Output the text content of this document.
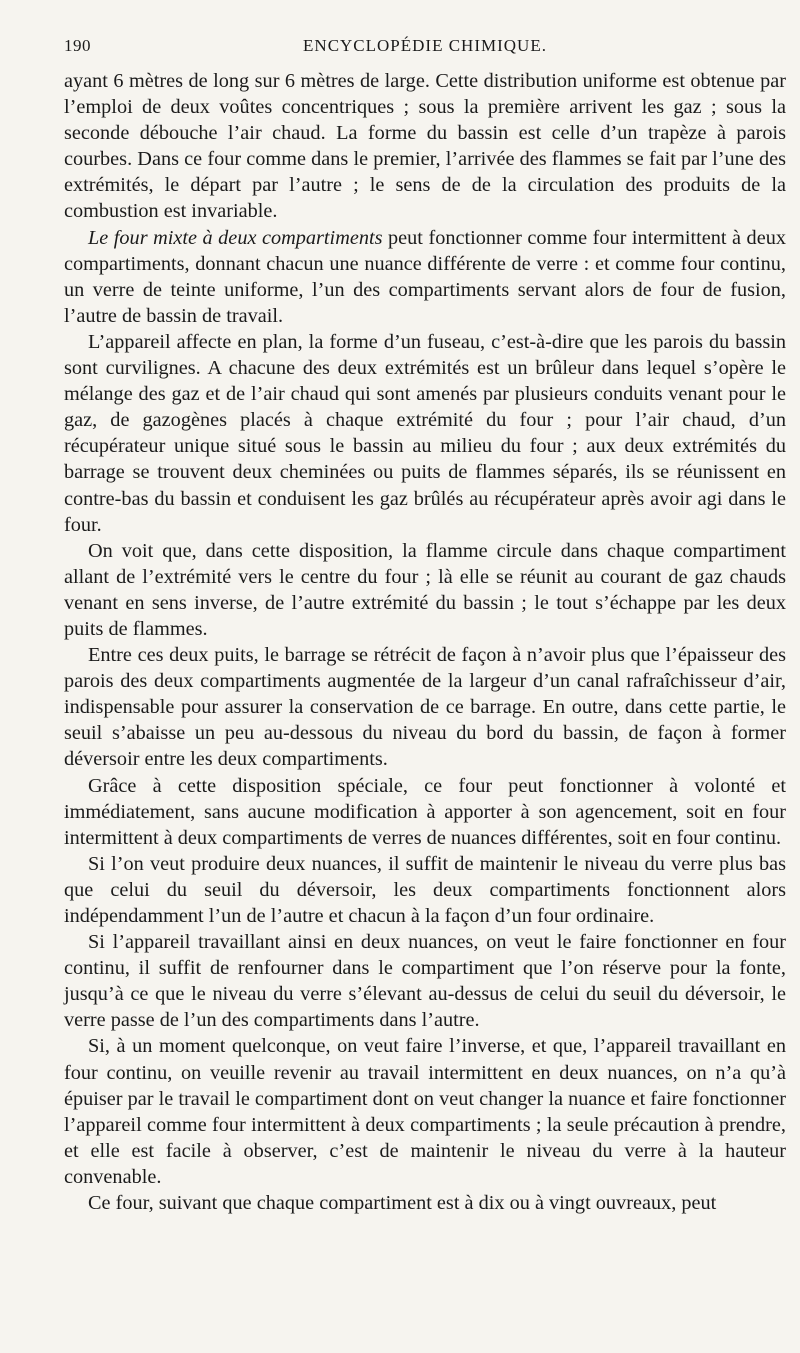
190	ENCYCLOPÉDIE CHIMIQUE.

ayant 6 mètres de long sur 6 mètres de large. Cette distribution uniforme est obtenue par l’emploi de deux voûtes concentriques ; sous la première arrivent les gaz ; sous la seconde débouche l’air chaud. La forme du bassin est celle d’un trapèze à parois courbes. Dans ce four comme dans le premier, l’arrivée des flammes se fait par l’une des extrémités, le départ par l’autre ; le sens de de la circulation des produits de la combustion est invariable.

Le four mixte à deux compartiments peut fonctionner comme four intermittent à deux compartiments, donnant chacun une nuance différente de verre : et comme four continu, un verre de teinte uniforme, l’un des compartiments servant alors de four de fusion, l’autre de bassin de travail.

L’appareil affecte en plan, la forme d’un fuseau, c’est-à-dire que les parois du bassin sont curvilignes. A chacune des deux extrémités est un brûleur dans lequel s’opère le mélange des gaz et de l’air chaud qui sont amenés par plusieurs conduits venant pour le gaz, de gazogènes placés à chaque extrémité du four ; pour l’air chaud, d’un récupérateur unique situé sous le bassin au milieu du four ; aux deux extrémités du barrage se trouvent deux cheminées ou puits de flammes séparés, ils se réunissent en contre-bas du bassin et conduisent les gaz brûlés au récupérateur après avoir agi dans le four.

On voit que, dans cette disposition, la flamme circule dans chaque compartiment allant de l’extrémité vers le centre du four ; là elle se réunit au courant de gaz chauds venant en sens inverse, de l’autre extrémité du bassin ; le tout s’échappe par les deux puits de flammes.

Entre ces deux puits, le barrage se rétrécit de façon à n’avoir plus que l’épaisseur des parois des deux compartiments augmentée de la largeur d’un canal rafraîchisseur d’air, indispensable pour assurer la conservation de ce barrage. En outre, dans cette partie, le seuil s’abaisse un peu au-dessous du niveau du bord du bassin, de façon à former déversoir entre les deux compartiments.

Grâce à cette disposition spéciale, ce four peut fonctionner à volonté et immédiatement, sans aucune modification à apporter à son agencement, soit en four intermittent à deux compartiments de verres de nuances différentes, soit en four continu.

Si l’on veut produire deux nuances, il suffit de maintenir le niveau du verre plus bas que celui du seuil du déversoir, les deux compartiments fonctionnent alors indépendamment l’un de l’autre et chacun à la façon d’un four ordinaire.

Si l’appareil travaillant ainsi en deux nuances, on veut le faire fonctionner en four continu, il suffit de renfourner dans le compartiment que l’on réserve pour la fonte, jusqu’à ce que le niveau du verre s’élevant au-dessus de celui du seuil du déversoir, le verre passe de l’un des compartiments dans l’autre.

Si, à un moment quelconque, on veut faire l’inverse, et que, l’appareil travaillant en four continu, on veuille revenir au travail intermittent en deux nuances, on n’a qu’à épuiser par le travail le compartiment dont on veut changer la nuance et faire fonctionner l’appareil comme four intermittent à deux compartiments ; la seule précaution à prendre, et elle est facile à observer, c’est de maintenir le niveau du verre à la hauteur convenable.

Ce four, suivant que chaque compartiment est à dix ou à vingt ouvreaux, peut
